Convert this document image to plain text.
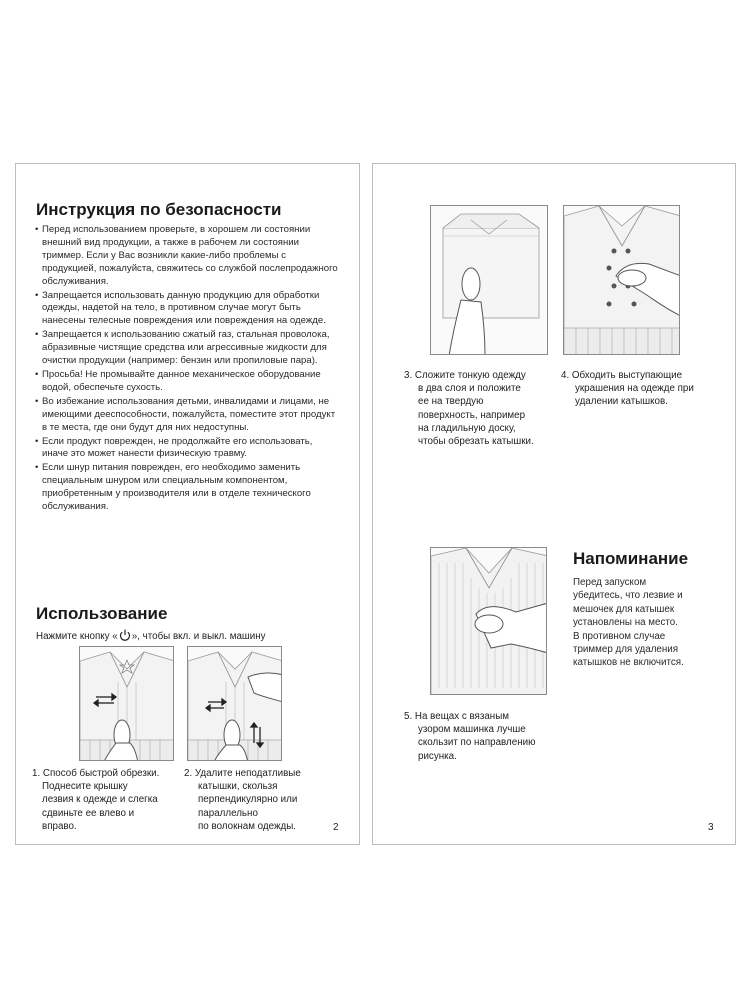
Инструкция по безопасности
• Перед использованием проверьте, в хорошем ли состоянии внешний вид продукции, а также в рабочем ли состоянии триммер. Если у Вас возникли какие-либо проблемы с продукцией, пожалуйста, свяжитесь со службой послепродажного обслуживания.
• Запрещается использовать данную продукцию для обработки одежды, надетой на тело, в противном случае могут быть нанесены телесные повреждения или повреждения на одежде.
• Запрещается к использованию сжатый газ, стальная проволока, абразивные чистящие средства или агрессивные жидкости для очистки продукции (например: бензин или пропиловые пара).
• Просьба! Не промывайте данное механическое оборудование водой, обеспечьте сухость.
• Во избежание использования детьми, инвалидами и лицами, не имеющими дееспособности, пожалуйста, поместите этот продукт в те места, где они будут для них недоступны.
• Если продукт поврежден, не продолжайте его использовать, иначе это может нанести физическую травму.
• Если шнур питания поврежден, его необходимо заменить специальным шнуром или специальным компонентом, приобретенным у производителя или в отделе технического обслуживания.
Использование
Нажмите кнопку « », чтобы вкл. и выкл. машину
1. Способ быстрой обрезки.
Поднесите крышку
лезвия к одежде и слегка
сдвиньте ее влево и
вправо.
2. Удалите неподатливые
катышки, скользя
перпендикулярно или
параллельно
по волокнам одежды.	2
3. Сложите тонкую одежду
в два слоя и положите
ее на твердую
поверхность, например
на гладильную доску,
чтобы обрезать катышки.
4. Обходить выступающие
украшения на одежде при
удалении катышков.
Напоминание
Перед запуском
убедитесь, что лезвие и
мешочек для катышек
установлены на место.
В противном случае
триммер для удаления
катышков не включится.
5. На вещах с вязаным
узором машинка лучше
скользит по направлению
рисунка.
3
